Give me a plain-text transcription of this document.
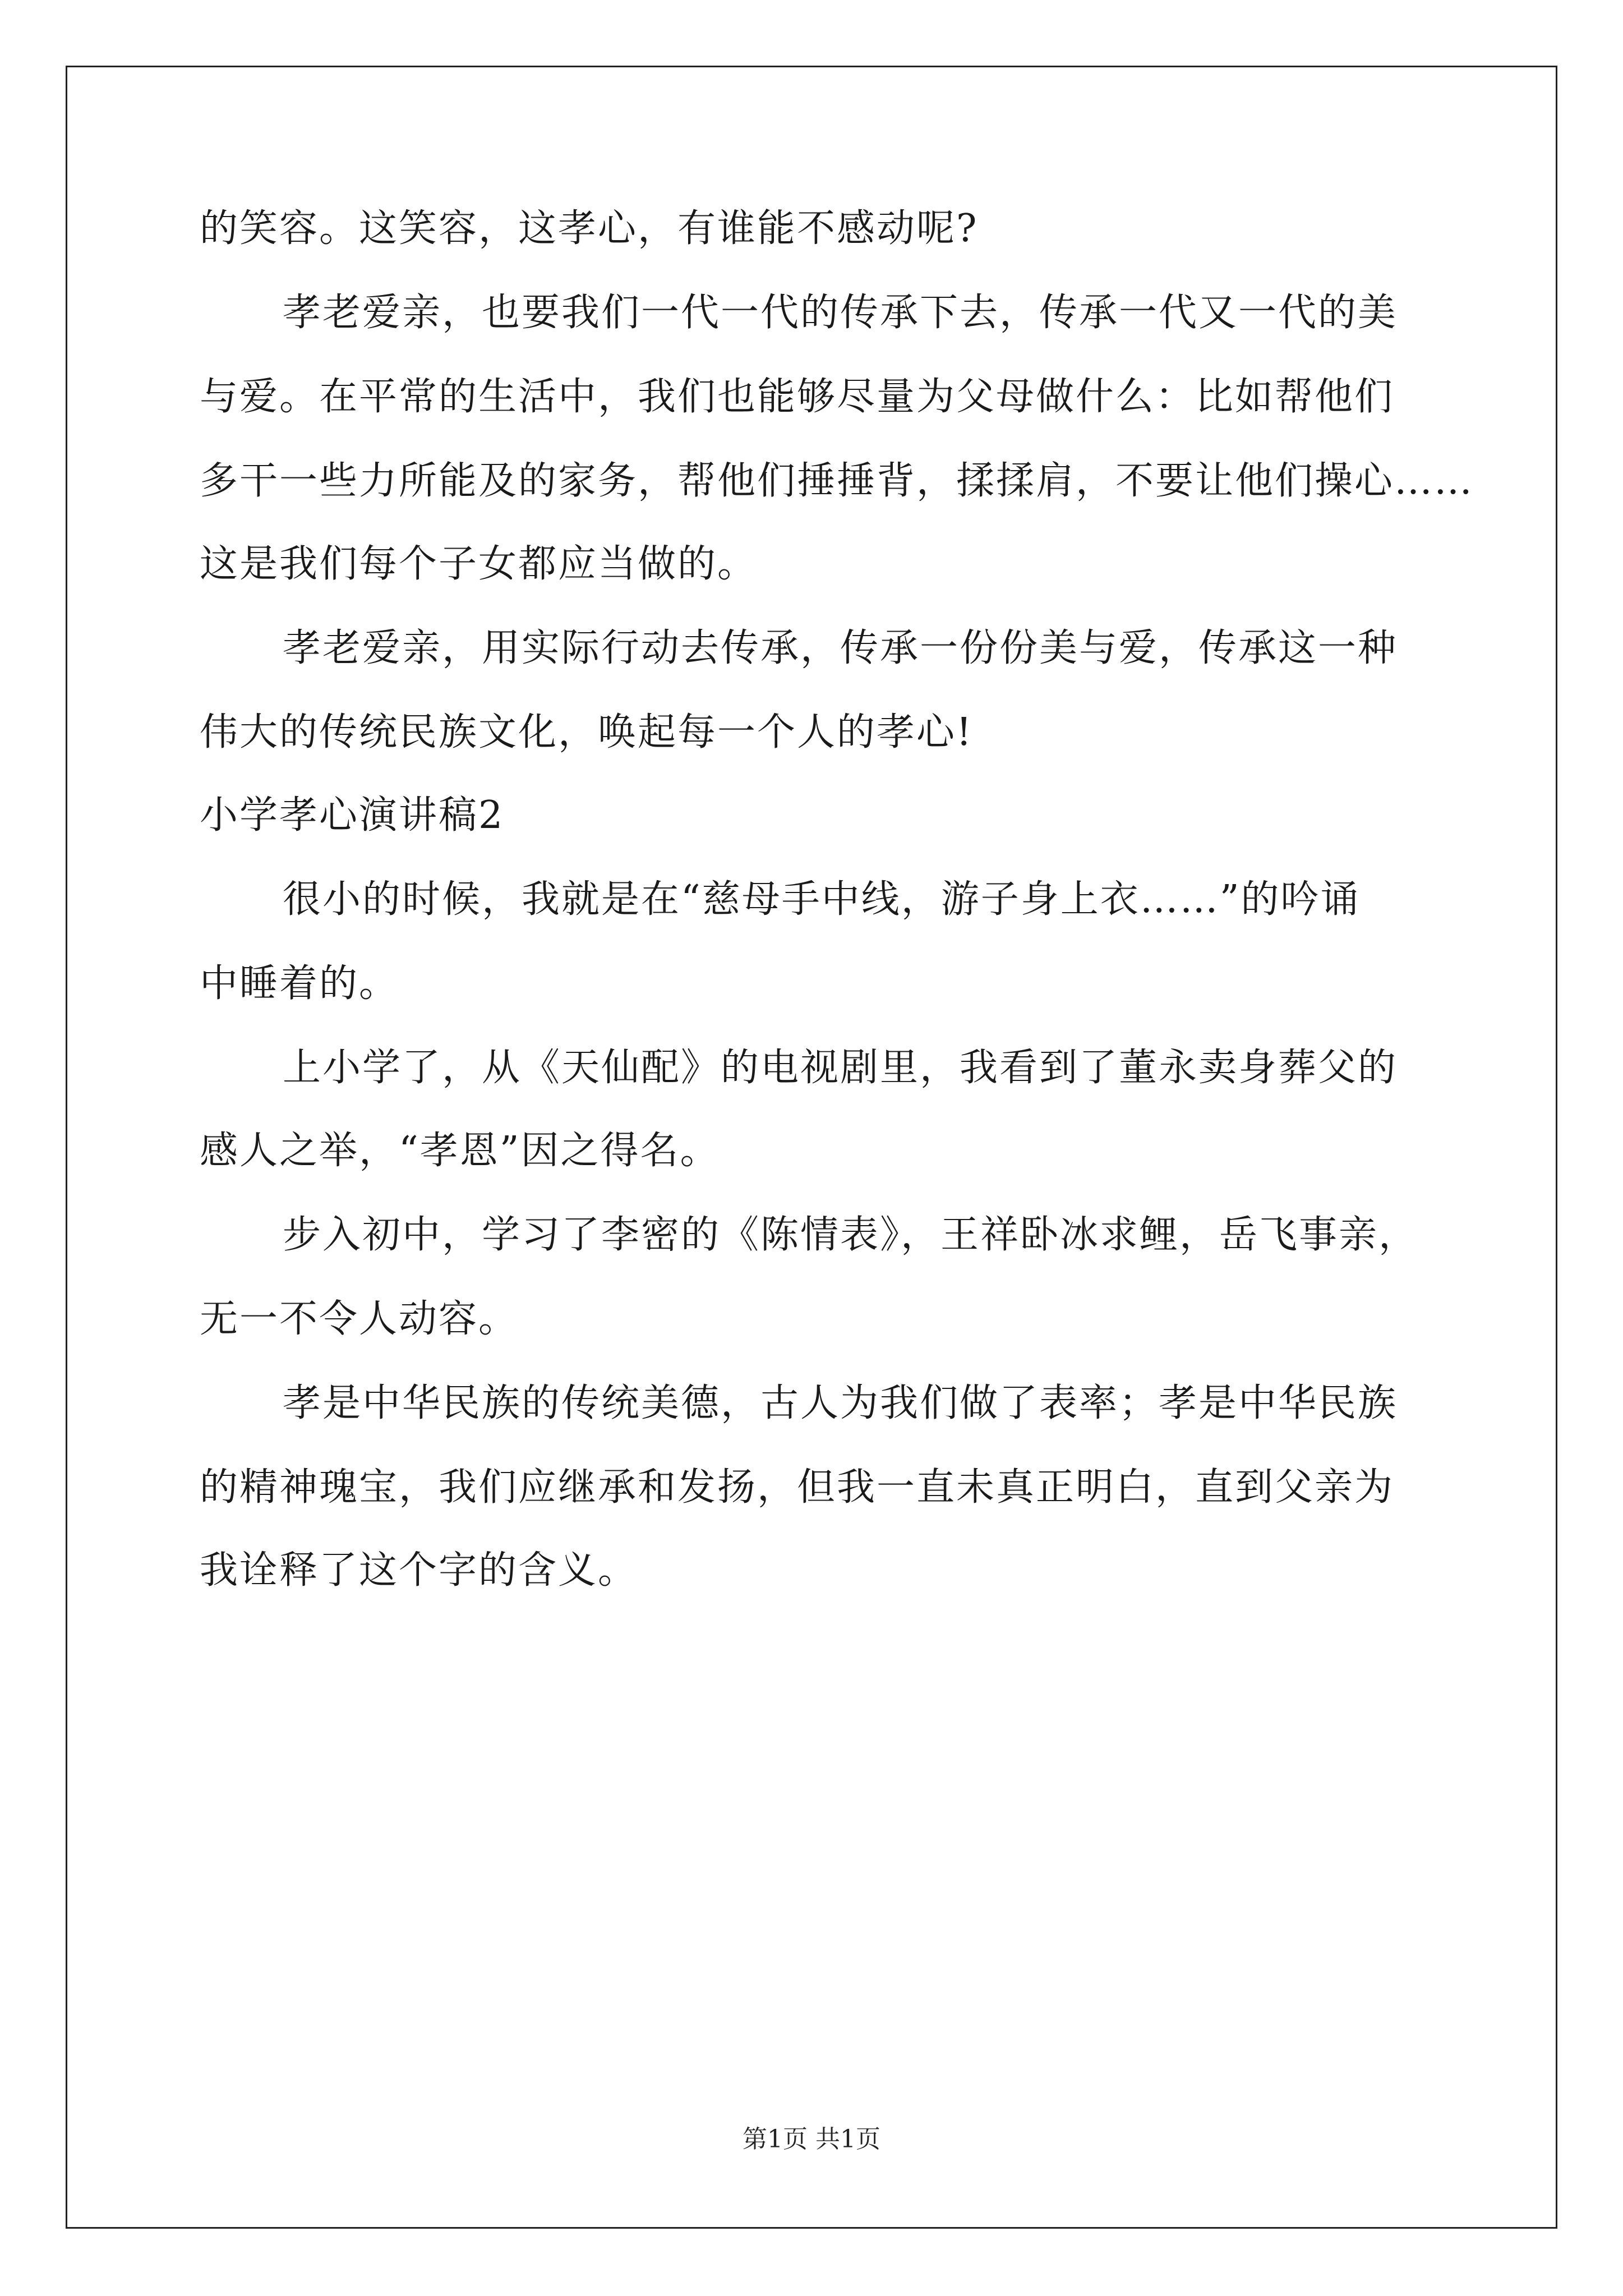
的笑容。这笑容，这孝心，有谁能不感动呢?
孝老爱亲，也要我们一代一代的传承下去，传承一代又一代的美
与爱。在平常的生活中，我们也能够尽量为父母做什么：比如帮他们
多干一些力所能及的家务，帮他们捶捶背，揉揉肩，不要让他们操心……
这是我们每个子女都应当做的。
孝老爱亲，用实际行动去传承，传承一份份美与爱，传承这一种
伟大的传统民族文化，唤起每一个人的孝心!
小学孝心演讲稿2
很小的时候，我就是在“慈母手中线，游子身上衣……”的吟诵
中睡着的。
上小学了，从《天仙配》的电视剧里，我看到了董永卖身葬父的
感人之举，“孝恩”因之得名。
步入初中，学习了李密的《陈情表》，王祥卧冰求鲤，岳飞事亲，
无一不令人动容。
孝是中华民族的传统美德，古人为我们做了表率；孝是中华民族
的精神瑰宝，我们应继承和发扬，但我一直未真正明白，直到父亲为
我诠释了这个字的含义。
第1页 共1页
